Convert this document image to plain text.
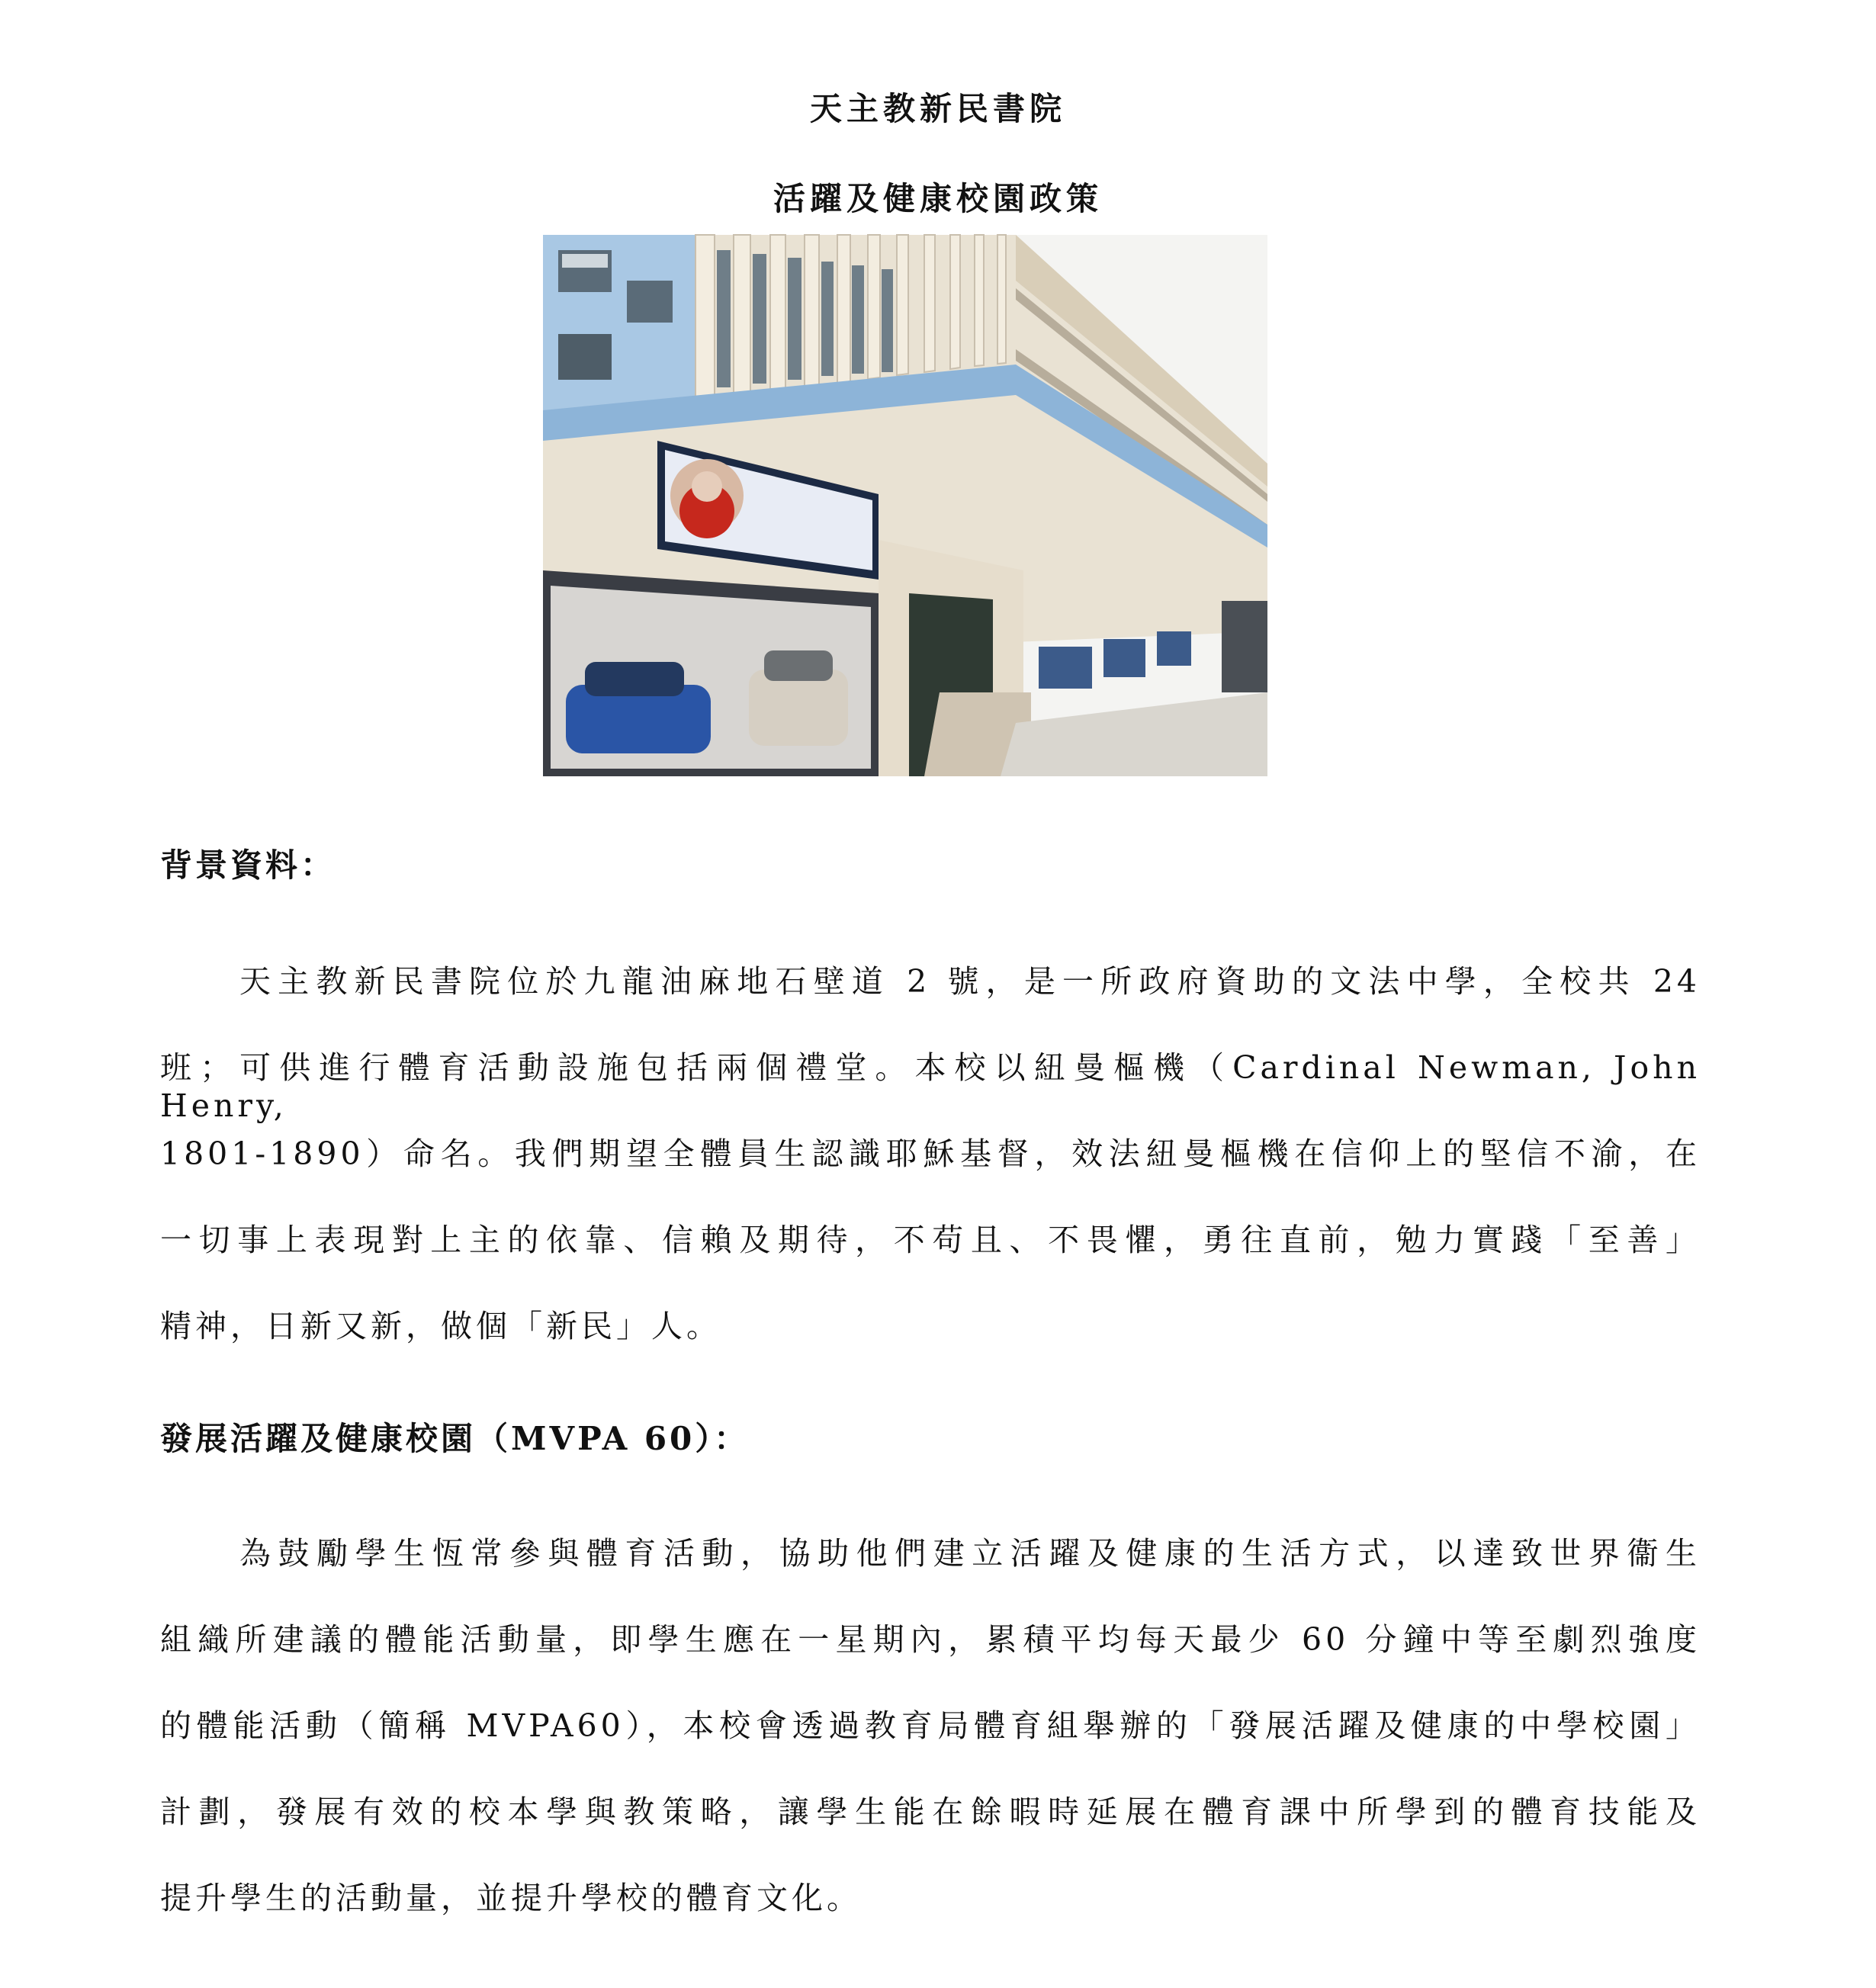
天主教新民書院
活躍及健康校園政策
背景資料：
天主教新民書院位於九龍油麻地石壁道 2 號，是一所政府資助的文法中學，全校共 24
班；可供進行體育活動設施包括兩個禮堂。本校以紐曼樞機（Cardinal Newman, John Henry,
1801-1890）命名。我們期望全體員生認識耶穌基督，效法紐曼樞機在信仰上的堅信不渝，在
一切事上表現對上主的依靠、信賴及期待，不苟且、不畏懼，勇往直前，勉力實踐「至善」
精神，日新又新，做個「新民」人。
發展活躍及健康校園（MVPA 60）：
為鼓勵學生恆常參與體育活動，協助他們建立活躍及健康的生活方式，以達致世界衞生
組織所建議的體能活動量，即學生應在一星期內，累積平均每天最少 60 分鐘中等至劇烈強度
的體能活動（簡稱 MVPA60），本校會透過教育局體育組舉辦的「發展活躍及健康的中學校園」
計劃，發展有效的校本學與教策略，讓學生能在餘暇時延展在體育課中所學到的體育技能及
提升學生的活動量，並提升學校的體育文化。
